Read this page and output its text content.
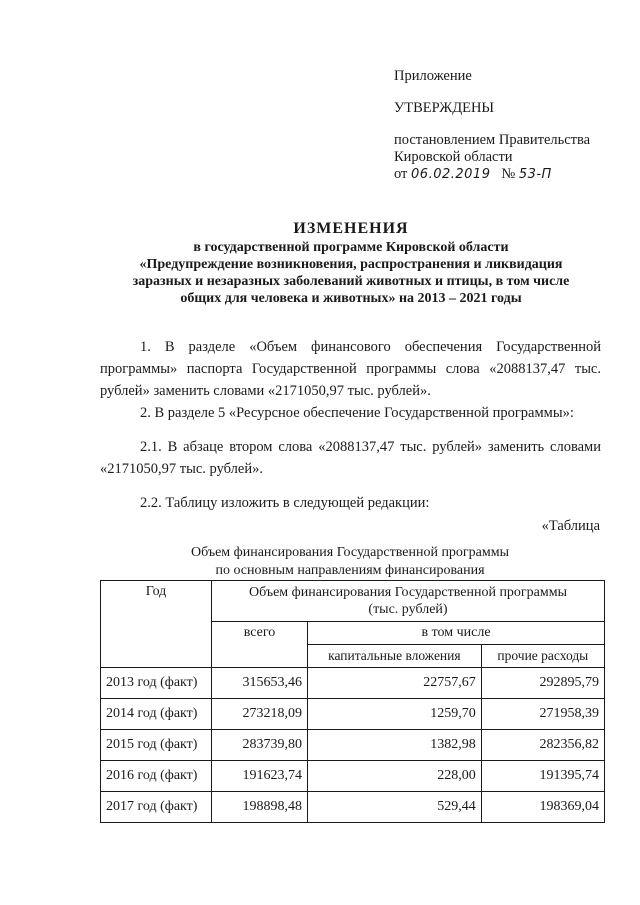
Приложение
УТВЕРЖДЕНЫ
постановлением Правительства
Кировской области
от 06.02.2019 № 53-П
ИЗМЕНЕНИЯ
в государственной программе Кировской области
«Предупреждение возникновения, распространения и ликвидация
заразных и незаразных заболеваний животных и птицы, в том числе
общих для человека и животных» на 2013 – 2021 годы
1. В разделе «Объем финансового обеспечения Государственной программы» паспорта Государственной программы слова «2088137,47 тыс. рублей» заменить словами «2171050,97 тыс. рублей».
2. В разделе 5 «Ресурсное обеспечение Государственной программы»:
2.1. В абзаце втором слова «2088137,47 тыс. рублей» заменить словами «2171050,97 тыс. рублей».
2.2. Таблицу изложить в следующей редакции:
«Таблица
Объем финансирования Государственной программы
по основным направлениям финансирования
Год	Объем финансирования Государственной программы
(тыс. рублей)		

	всего	в том числе	
		капитальные вложения	прочие расходы
2013 год (факт)	315653,46	22757,67	292895,79
2014 год (факт)	273218,09	1259,70	271958,39
2015 год (факт)	283739,80	1382,98	282356,82
2016 год (факт)	191623,74	228,00	191395,74
2017 год (факт)	198898,48	529,44	198369,04
